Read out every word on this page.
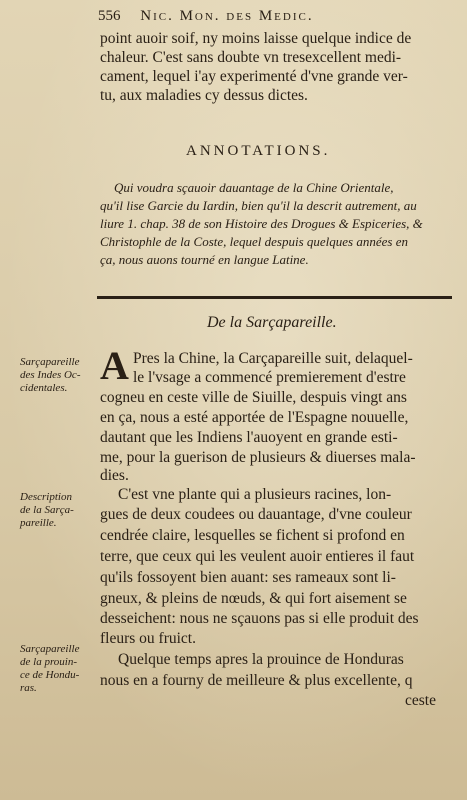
556 Nic. Mon. des Medic.
point auoir soif, ny moins laisse quelque indice de
chaleur. C'est sans doubte vn tresexcellent medi-
cament, lequel i'ay experimenté d'vne grande ver-
tu, aux maladies cy dessus dictes.
ANNOTATIONS.
Qui voudra sçauoir dauantage de la Chine Orientale,
qu'il lise Garcie du Iardin, bien qu'il la descrit autrement, au
liure 1. chap. 38 de son Histoire des Drogues & Espiceries, &
Christophle de la Coste, lequel despuis quelques années en
ça, nous auons tourné en langue Latine.
De la Sarçapareille.
Sarçapareille
des Indes Oc-
cidentales.
Description
de la Sarça-
pareille.
Sarçapareille
de la prouin-
ce de Hondu-
ras.
A Pres la Chine, la Carçapareille suit, delaquel-
le l'vsage a commencé premierement d'estre
cogneu en ceste ville de Siuille, despuis vingt ans
en ça, nous a esté apportée de l'Espagne nouuelle,
dautant que les Indiens l'auoyent en grande esti-
me, pour la guerison de plusieurs & diuerses mala-
dies.
C'est vne plante qui a plusieurs racines, lon-
gues de deux coudees ou dauantage, d'vne couleur
cendrée claire, lesquelles se fichent si profond en
terre, que ceux qui les veulent auoir entieres il faut
qu'ils fossoyent bien auant: ses rameaux sont li-
gneux, & pleins de nœuds, & qui fort aisement se
desseichent: nous ne sçauons pas si elle produit des
fleurs ou fruict.
Quelque temps apres la prouince de Honduras
nous en a fourny de meilleure & plus excellente, q
ceste
